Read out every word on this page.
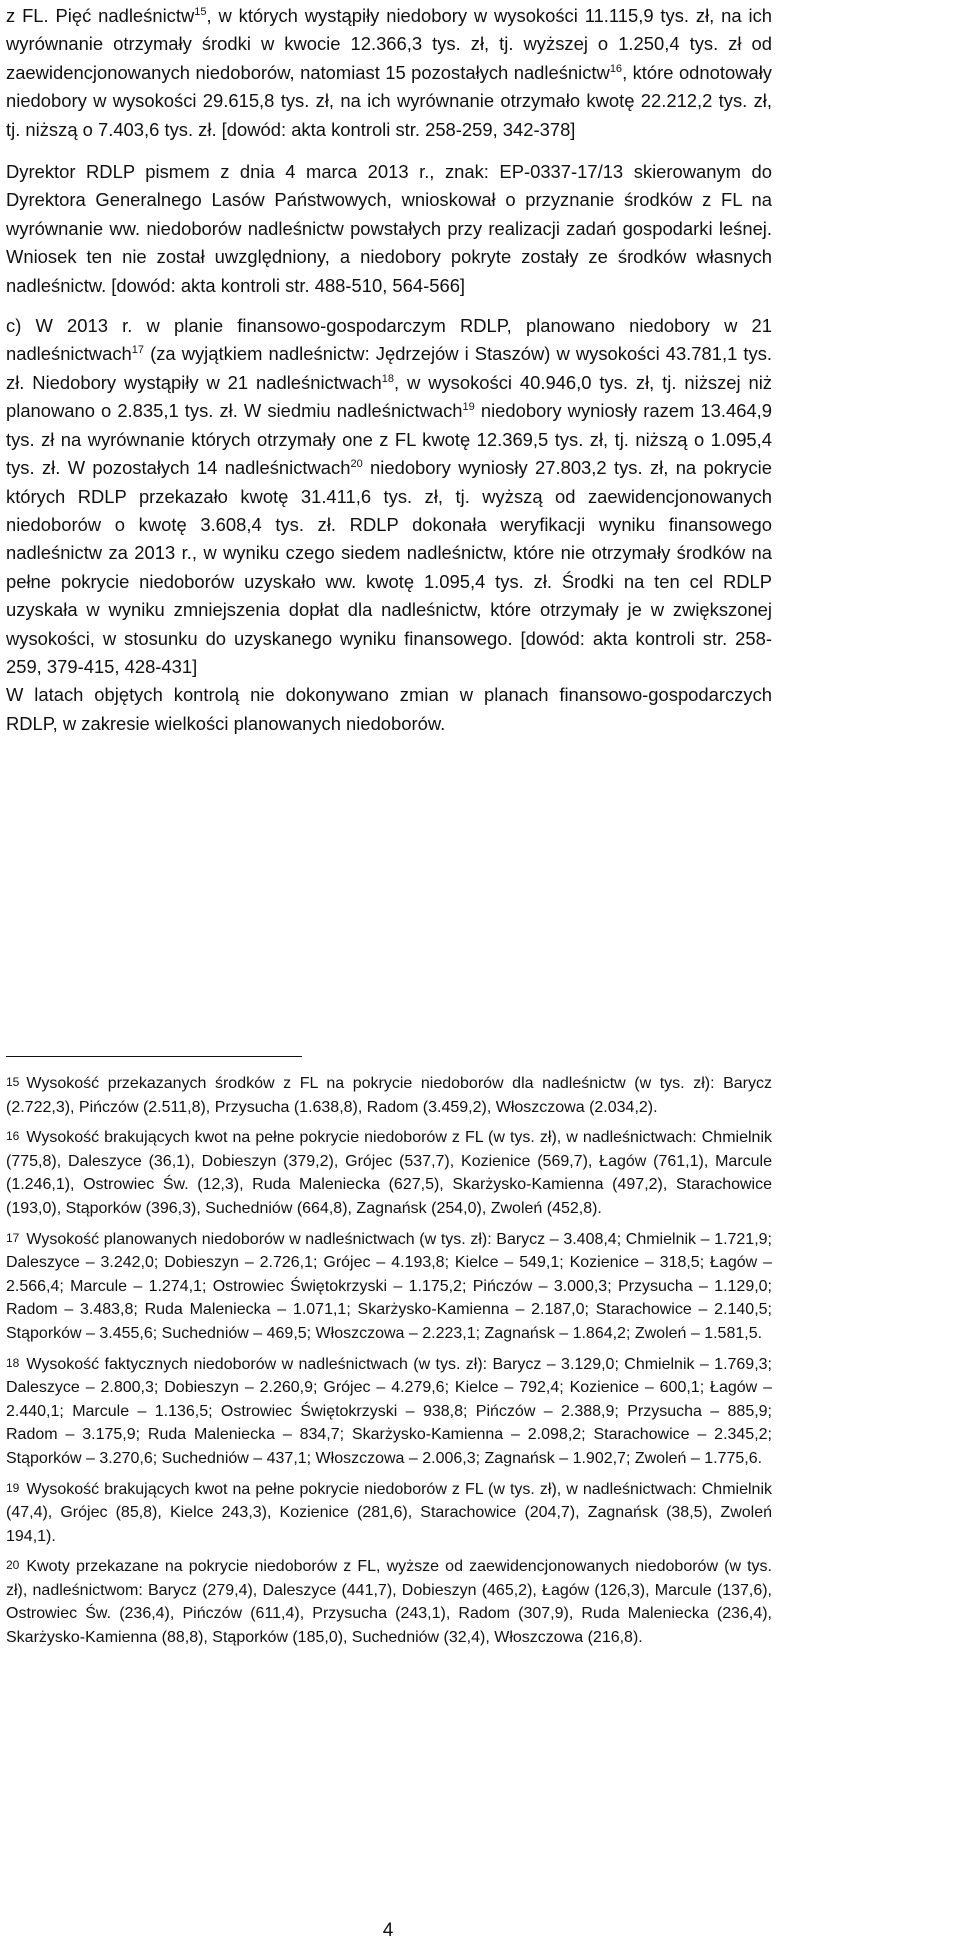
z FL. Pięć nadleśnictw$^{15}$, w których wystąpiły niedobory w wysokości 11.115,9 tys. zł, na ich wyrównanie otrzymały środki w kwocie 12.366,3 tys. zł, tj. wyższej o 1.250,4 tys. zł od zaewidencjonowanych niedoborów, natomiast 15 pozostałych nadleśnictw$^{16}$, które odnotowały niedobory w wysokości 29.615,8 tys. zł, na ich wyrównanie otrzymało kwotę 22.212,2 tys. zł, tj. niższą o 7.403,6 tys. zł. [dowód: akta kontroli str. 258-259, 342-378]

Dyrektor RDLP pismem z dnia 4 marca 2013 r., znak: EP-0337-17/13 skierowanym do Dyrektora Generalnego Lasów Państwowych, wnioskował o przyznanie środków z FL na wyrównanie ww. niedoborów nadleśnictw powstałych przy realizacji zadań gospodarki leśnej. Wniosek ten nie został uwzględniony, a niedobory pokryte zostały ze środków własnych nadleśnictw. [dowód: akta kontroli str. 488-510, 564-566]

c) W 2013 r. w planie finansowo-gospodarczym RDLP, planowano niedobory w 21 nadleśnictwach$^{17}$ (za wyjątkiem nadleśnictw: Jędrzejów i Staszów) w wysokości 43.781,1 tys. zł. Niedobory wystąpiły w 21 nadleśnictwach$^{18}$, w wysokości 40.946,0 tys. zł, tj. niższej niż planowano o 2.835,1 tys. zł. W siedmiu nadleśnictwach$^{19}$ niedobory wyniosły razem 13.464,9 tys. zł na wyrównanie których otrzymały one z FL kwotę 12.369,5 tys. zł, tj. niższą o 1.095,4 tys. zł. W pozostałych 14 nadleśnictwach$^{20}$ niedobory wyniosły 27.803,2 tys. zł, na pokrycie których RDLP przekazało kwotę 31.411,6 tys. zł, tj. wyższą od zaewidencjonowanych niedoborów o kwotę 3.608,4 tys. zł. RDLP dokonała weryfikacji wyniku finansowego nadleśnictw za 2013 r., w wyniku czego siedem nadleśnictw, które nie otrzymały środków na pełne pokrycie niedoborów uzyskało ww. kwotę 1.095,4 tys. zł. Środki na ten cel RDLP uzyskała w wyniku zmniejszenia dopłat dla nadleśnictw, które otrzymały je w zwiększonej wysokości, w stosunku do uzyskanego wyniku finansowego. [dowód: akta kontroli str. 258-259, 379-415, 428-431]

W latach objętych kontrolą nie dokonywano zmian w planach finansowo-gospodarczych RDLP, w zakresie wielkości planowanych niedoborów.

$^{15}$ Wysokość przekazanych środków z FL na pokrycie niedoborów dla nadleśnictw (w tys. zł): Barycz (2.722,3), Pińczów (2.511,8), Przysucha (1.638,8), Radom (3.459,2), Włoszczowa (2.034,2).

$^{16}$ Wysokość brakujących kwot na pełne pokrycie niedoborów z FL (w tys. zł), w nadleśnictwach: Chmielnik (775,8), Daleszyce (36,1), Dobieszyn (379,2), Grójec (537,7), Kozienice (569,7), Łagów (761,1), Marcule (1.246,1), Ostrowiec Św. (12,3), Ruda Maleniecka (627,5), Skarżysko-Kamienna (497,2), Starachowice (193,0), Stąporków (396,3), Suchedniów (664,8), Zagnańsk (254,0), Zwoleń (452,8).

$^{17}$ Wysokość planowanych niedoborów w nadleśnictwach (w tys. zł): Barycz – 3.408,4; Chmielnik – 1.721,9; Daleszyce – 3.242,0; Dobieszyn – 2.726,1; Grójec – 4.193,8; Kielce – 549,1; Kozienice – 318,5; Łagów – 2.566,4; Marcule – 1.274,1; Ostrowiec Świętokrzyski – 1.175,2; Pińczów – 3.000,3; Przysucha – 1.129,0; Radom – 3.483,8; Ruda Maleniecka – 1.071,1; Skarżysko-Kamienna – 2.187,0; Starachowice – 2.140,5; Stąporków – 3.455,6; Suchedniów – 469,5; Włoszczowa – 2.223,1; Zagnańsk – 1.864,2; Zwoleń – 1.581,5.

$^{18}$ Wysokość faktycznych niedoborów w nadleśnictwach (w tys. zł): Barycz – 3.129,0; Chmielnik – 1.769,3; Daleszyce – 2.800,3; Dobieszyn – 2.260,9; Grójec – 4.279,6; Kielce – 792,4; Kozienice – 600,1; Łagów – 2.440,1; Marcule – 1.136,5; Ostrowiec Świętokrzyski – 938,8; Pińczów – 2.388,9; Przysucha – 885,9; Radom – 3.175,9; Ruda Maleniecka – 834,7; Skarżysko-Kamienna – 2.098,2; Starachowice – 2.345,2; Stąporków – 3.270,6; Suchedniów – 437,1; Włoszczowa – 2.006,3; Zagnańsk – 1.902,7; Zwoleń – 1.775,6.

$^{19}$ Wysokość brakujących kwot na pełne pokrycie niedoborów z FL (w tys. zł), w nadleśnictwach: Chmielnik (47,4), Grójec (85,8), Kielce 243,3), Kozienice (281,6), Starachowice (204,7), Zagnańsk (38,5), Zwoleń 194,1).

$^{20}$ Kwoty przekazane na pokrycie niedoborów z FL, wyższe od zaewidencjonowanych niedoborów (w tys. zł), nadleśnictwom: Barycz (279,4), Daleszyce (441,7), Dobieszyn (465,2), Łagów (126,3), Marcule (137,6), Ostrowiec Św. (236,4), Pińczów (611,4), Przysucha (243,1), Radom (307,9), Ruda Maleniecka (236,4), Skarżysko-Kamienna (88,8), Stąporków (185,0), Suchedniów (32,4), Włoszczowa (216,8).

4
